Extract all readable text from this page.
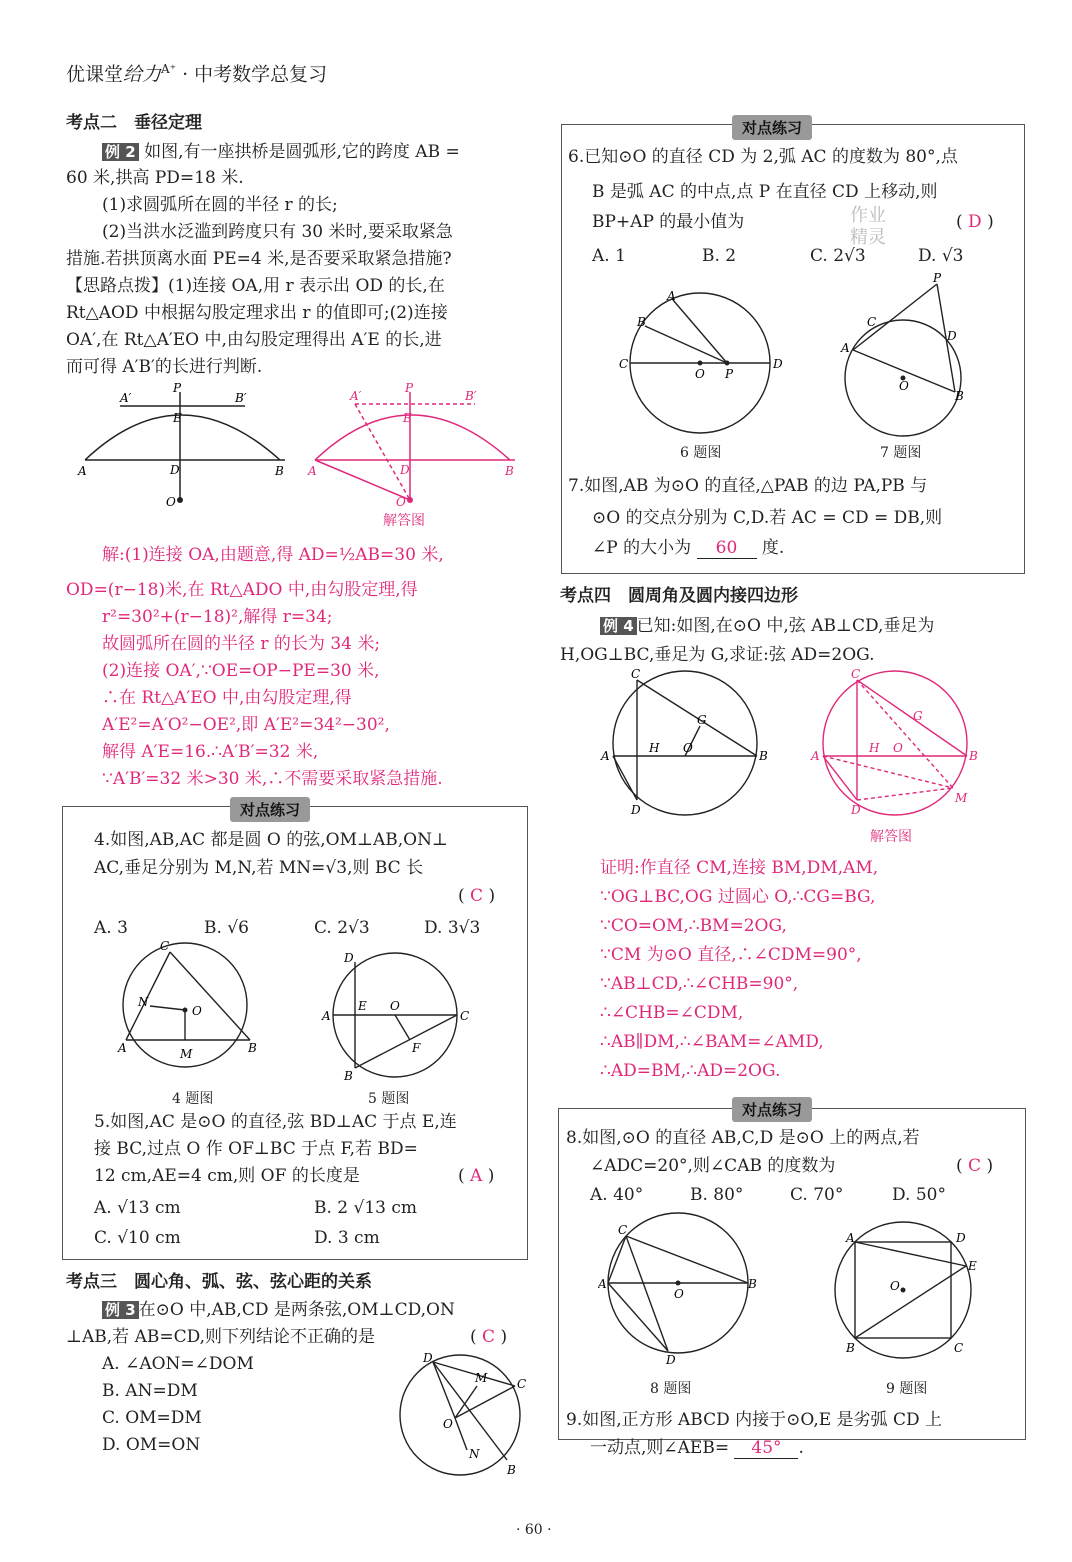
优课堂给力$^{A^+}$ · 中考数学总复习
考点二　垂径定理
例 2 如图,有一座拱桥是圆弧形,它的跨度 AB =
60 米,拱高 PD=18 米.
(1)求圆弧所在圆的半径 r 的长;
(2)当洪水泛滥到跨度只有 30 米时,要采取紧急
措施.若拱顶离水面 PE=4 米,是否要采取紧急措施?
【思路点拨】(1)连接 OA,用 r 表示出 OD 的长,在
Rt△AOD 中根据勾股定理求出 r 的值即可;(2)连接
OA′,在 Rt△A′EO 中,由勾股定理得出 A′E 的长,进
而可得 A′B′的长进行判断.
A	B
D
E
P
A′	B′
O
A	B
D
E
P
A′	B′
O
解答图
解:(1)连接 OA,由题意,得 AD=½AB=30 米,
OD=(r−18)米,在 Rt△ADO 中,由勾股定理,得
r²=30²+(r−18)²,解得 r=34;
故圆弧所在圆的半径 r 的长为 34 米;
(2)连接 OA′,∵OE=OP−PE=30 米,
∴在 Rt△A′EO 中,由勾股定理,得
A′E²=A′O²−OE²,即 A′E²=34²−30²,
解得 A′E=16.∴A′B′=32 米,
∵A′B′=32 米>30 米,∴不需要采取紧急措施.
对点练习
4.如图,AB,AC 都是圆 O 的弦,OM⊥AB,ON⊥
AC,垂足分别为 M,N,若 MN=√3,则 BC 长
( C )
A. 3	B. √6	C. 2√3	D. 3√3
C
A	B
N
O
M
D
A	C
B
E O
F
4 题图	5 题图
5.如图,AC 是⊙O 的直径,弦 BD⊥AC 于点 E,连
接 BC,过点 O 作 OF⊥BC 于点 F,若 BD=
12 cm,AE=4 cm,则 OF 的长度是	( A )
A. √13 cm	B. 2 √13 cm
C. √10 cm	D. 3 cm
考点三　圆心角、弧、弦、弦心距的关系
例 3 在⊙O 中,AB,CD 是两条弦,OM⊥CD,ON
⊥AB,若 AB=CD,则下列结论不正确的是	( C )
A. ∠AON=∠DOM
B. AN=DM
C. OM=DM
D. OM=ON
D
C
M
O
N
B
对点练习
6.已知⊙O 的直径 CD 为 2,弧 AC 的度数为 80°,点
B 是弧 AC 的中点,点 P 在直径 CD 上移动,则
BP+AP 的最小值为	( D )
作业
精灵
A. 1	B. 2	C. 2√3	D. √3
A
B
C	D
O P
P
A
C
D
O
B
6 题图	7 题图
7.如图,AB 为⊙O 的直径,△PAB 的边 PA,PB 与
⊙O 的交点分别为 C,D.若 AC = CD = DB,则
∠P 的大小为 60 度.
考点四　圆周角及圆内接四边形
例 4 已知:如图,在⊙O 中,弦 AB⊥CD,垂足为
H,OG⊥BC,垂足为 G,求证:弦 AD=2OG.
C
A	B
H O
G
D
C
A	B
H O
G
D
M
解答图
证明:作直径 CM,连接 BM,DM,AM,
∵OG⊥BC,OG 过圆心 O,∴CG=BG,
∵CO=OM,∴BM=2OG,
∵CM 为⊙O 直径,∴∠CDM=90°,
∵AB⊥CD,∴∠CHB=90°,
∴∠CHB=∠CDM,
∴AB∥DM,∴∠BAM=∠AMD,
∴AD=BM,∴AD=2OG.
对点练习
8.如图,⊙O 的直径 AB,C,D 是⊙O 上的两点,若
∠ADC=20°,则∠CAB 的度数为	( C )
A. 40°	B. 80°	C. 70°	D. 50°
C
A	B
O
D
A	D
E
B	C
O
8 题图	9 题图
9.如图,正方形 ABCD 内接于⊙O,E 是劣弧 CD 上
一动点,则∠AEB= 45° .
· 60 ·
